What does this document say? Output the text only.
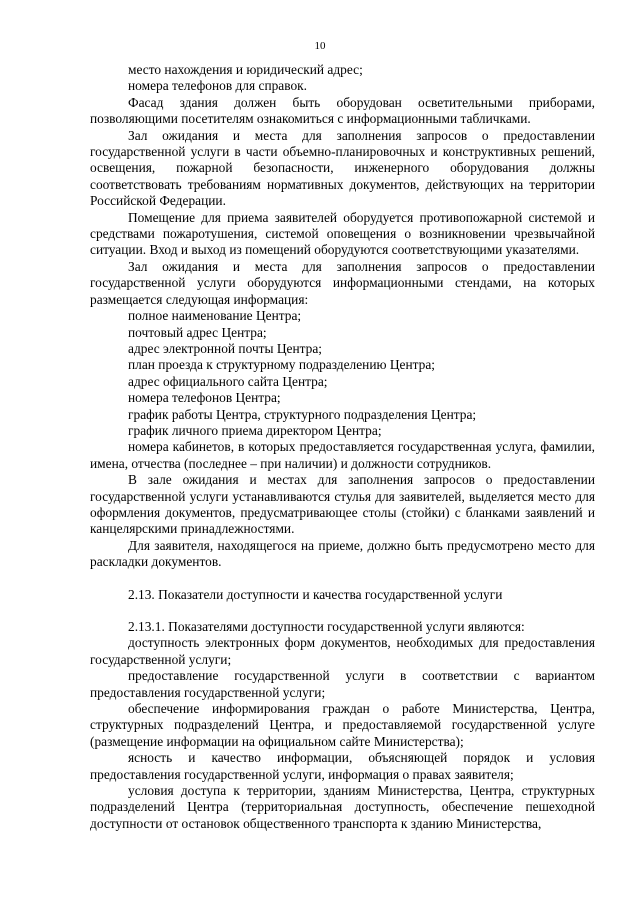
10

место нахождения и юридический адрес;

номера телефонов для справок.

Фасад здания должен быть оборудован осветительными приборами, позволяющими посетителям ознакомиться с информационными табличками.

Зал ожидания и места для заполнения запросов о предоставлении государственной услуги в части объемно-планировочных и конструктивных решений, освещения, пожарной безопасности, инженерного оборудования должны соответствовать требованиям нормативных документов, действующих на территории Российской Федерации.

Помещение для приема заявителей оборудуется противопожарной системой и средствами пожаротушения, системой оповещения о возникновении чрезвычайной ситуации. Вход и выход из помещений оборудуются соответствующими указателями.

Зал ожидания и места для заполнения запросов о предоставлении государственной услуги оборудуются информационными стендами, на которых размещается следующая информация:

полное наименование Центра;

почтовый адрес Центра;

адрес электронной почты Центра;

план проезда к структурному подразделению Центра;

адрес официального сайта Центра;

номера телефонов Центра;

график работы Центра, структурного подразделения Центра;

график личного приема директором Центра;

номера кабинетов, в которых предоставляется государственная услуга, фамилии, имена, отчества (последнее – при наличии) и должности сотрудников.

В зале ожидания и местах для заполнения запросов о предоставлении государственной услуги устанавливаются стулья для заявителей, выделяется место для оформления документов, предусматривающее столы (стойки) с бланками заявлений и канцелярскими принадлежностями.

Для заявителя, находящегося на приеме, должно быть предусмотрено место для раскладки документов.

2.13. Показатели доступности и качества государственной услуги

2.13.1. Показателями доступности государственной услуги являются:

доступность электронных форм документов, необходимых для предоставления государственной услуги;

предоставление государственной услуги в соответствии с вариантом предоставления государственной услуги;

обеспечение информирования граждан о работе Министерства, Центра, структурных подразделений Центра, и предоставляемой государственной услуге (размещение информации на официальном сайте Министерства);

ясность и качество информации, объясняющей порядок и условия предоставления государственной услуги, информация о правах заявителя;

условия доступа к территории, зданиям Министерства, Центра, структурных подразделений Центра (территориальная доступность, обеспечение пешеходной доступности от остановок общественного транспорта к зданию Министерства,
